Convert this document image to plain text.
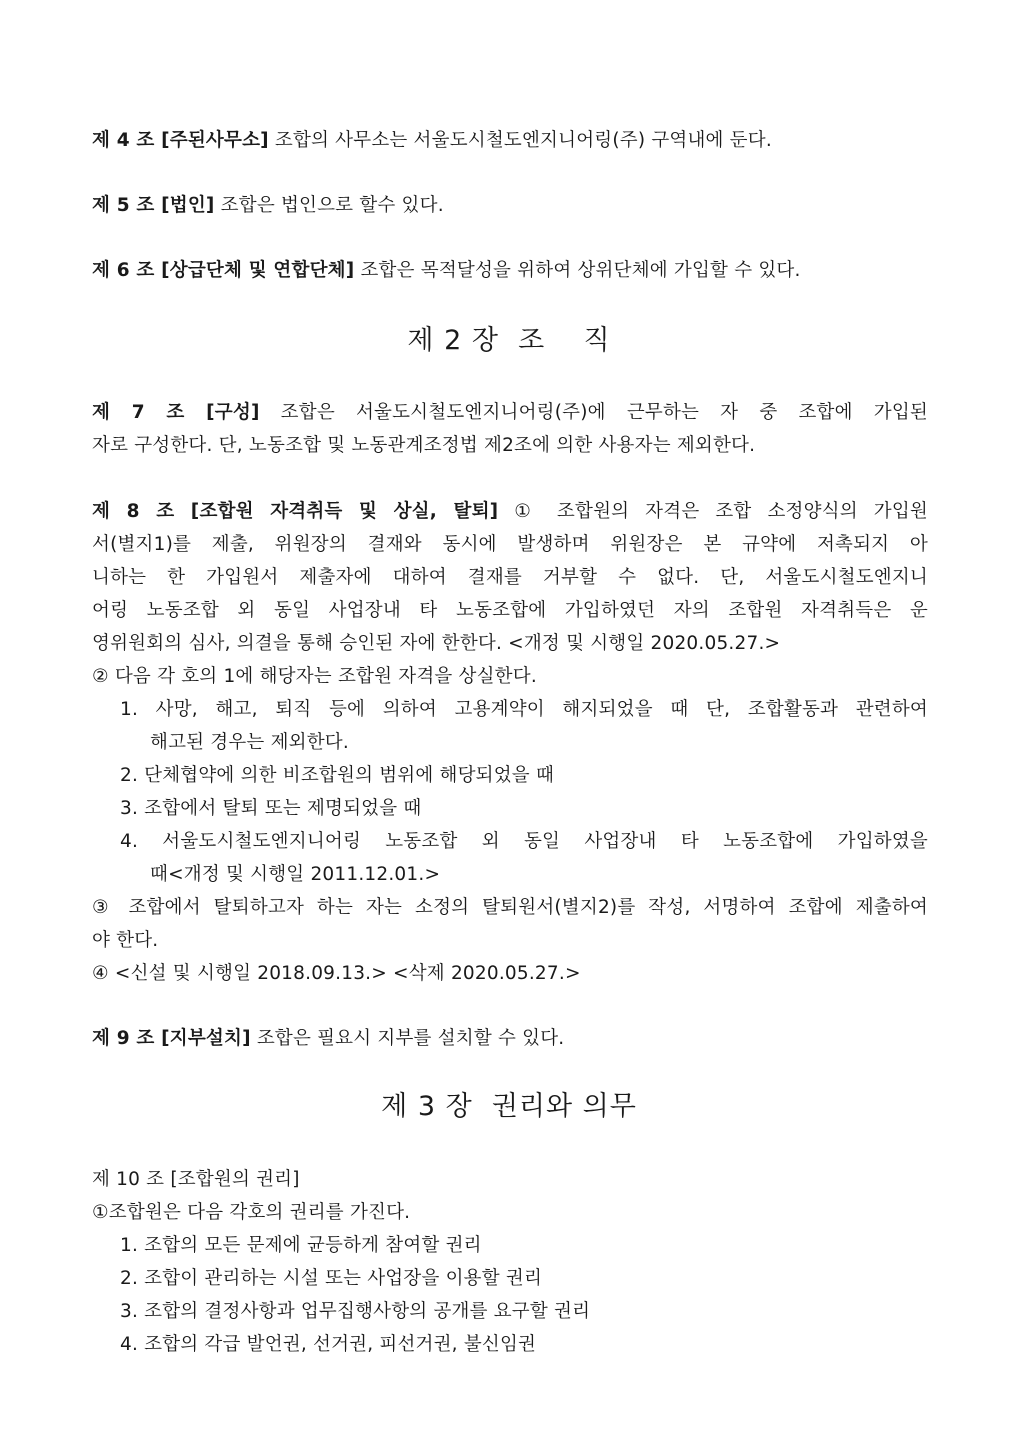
제 4 조 [주된사무소] 조합의 사무소는 서울도시철도엔지니어링(주) 구역내에 둔다.
제 5 조 [법인] 조합은 법인으로 할수 있다.
제 6 조 [상급단체 및 연합단체] 조합은 목적달성을 위하여 상위단체에 가입할 수 있다.
제 2 장  조    직
제 7 조 [구성] 조합은 서울도시철도엔지니어링(주)에 근무하는 자 중 조합에 가입된
자로 구성한다. 단, 노동조합 및 노동관계조정법 제2조에 의한 사용자는 제외한다.
제 8 조 [조합원 자격취득 및 상실, 탈퇴] ① 조합원의 자격은 조합 소정양식의 가입원
서(별지1)를 제출, 위원장의 결재와 동시에 발생하며 위원장은 본 규약에 저촉되지 아
니하는 한 가입원서 제출자에 대하여 결재를 거부할 수 없다. 단, 서울도시철도엔지니
어링 노동조합 외 동일 사업장내 타 노동조합에 가입하였던 자의 조합원 자격취득은 운
영위원회의 심사, 의결을 통해 승인된 자에 한한다. <개정 및 시행일 2020.05.27.>
② 다음 각 호의 1에 해당자는 조합원 자격을 상실한다.
1. 사망, 해고, 퇴직 등에 의하여 고용계약이 해지되었을 때 단, 조합활동과 관련하여
해고된 경우는 제외한다.
2. 단체협약에 의한 비조합원의 범위에 해당되었을 때
3. 조합에서 탈퇴 또는 제명되었을 때
4. 서울도시철도엔지니어링 노동조합 외 동일 사업장내 타 노동조합에 가입하였을
때<개정 및 시행일 2011.12.01.>
③ 조합에서 탈퇴하고자 하는 자는 소정의 탈퇴원서(별지2)를 작성, 서명하여 조합에 제출하여
야 한다.
④ <신설 및 시행일 2018.09.13.> <삭제 2020.05.27.>
제 9 조 [지부설치] 조합은 필요시 지부를 설치할 수 있다.
제 3 장  권리와 의무
제 10 조 [조합원의 권리]
①조합원은 다음 각호의 권리를 가진다.
1. 조합의 모든 문제에 균등하게 참여할 권리
2. 조합이 관리하는 시설 또는 사업장을 이용할 권리
3. 조합의 결정사항과 업무집행사항의 공개를 요구할 권리
4. 조합의 각급 발언권, 선거권, 피선거권, 불신임권
